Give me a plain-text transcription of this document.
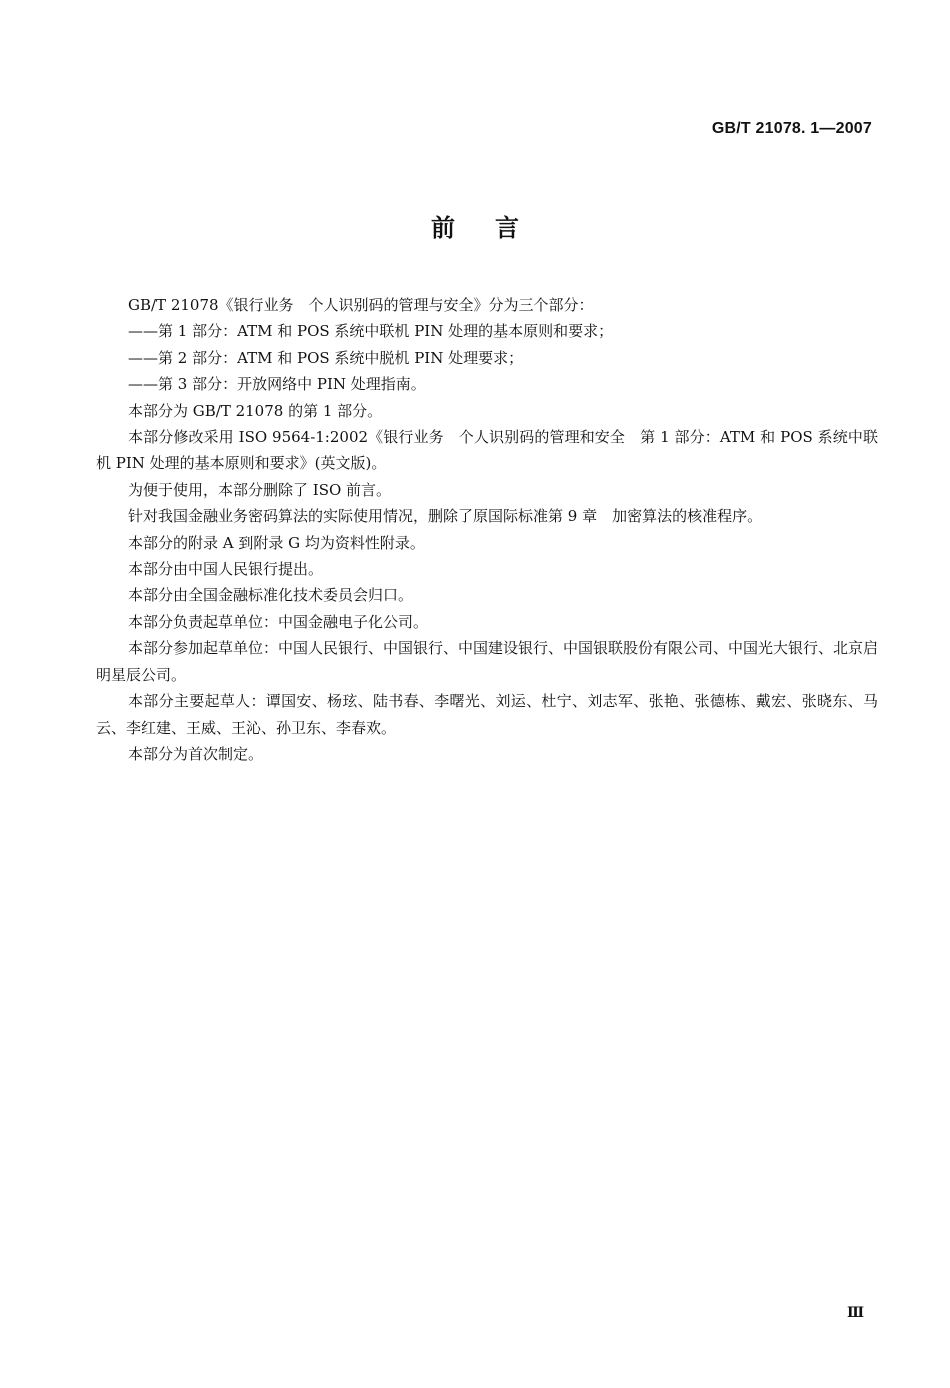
GB/T 21078. 1—2007
前言

GB/T 21078《银行业务　个人识别码的管理与安全》分为三个部分：

——第 1 部分：ATM 和 POS 系统中联机 PIN 处理的基本原则和要求；

——第 2 部分：ATM 和 POS 系统中脱机 PIN 处理要求；

——第 3 部分：开放网络中 PIN 处理指南。

本部分为 GB/T 21078 的第 1 部分。

本部分修改采用 ISO 9564-1:2002《银行业务　个人识别码的管理和安全　第 1 部分：ATM 和 POS 系统中联机 PIN 处理的基本原则和要求》(英文版)。

为便于使用，本部分删除了 ISO 前言。

针对我国金融业务密码算法的实际使用情况，删除了原国际标准第 9 章　加密算法的核准程序。

本部分的附录 A 到附录 G 均为资料性附录。

本部分由中国人民银行提出。

本部分由全国金融标准化技术委员会归口。

本部分负责起草单位：中国金融电子化公司。

本部分参加起草单位：中国人民银行、中国银行、中国建设银行、中国银联股份有限公司、中国光大银行、北京启明星辰公司。

本部分主要起草人：谭国安、杨玹、陆书春、李曙光、刘运、杜宁、刘志军、张艳、张德栋、戴宏、张晓东、马云、李红建、王威、王沁、孙卫东、李春欢。

本部分为首次制定。

Ⅲ
